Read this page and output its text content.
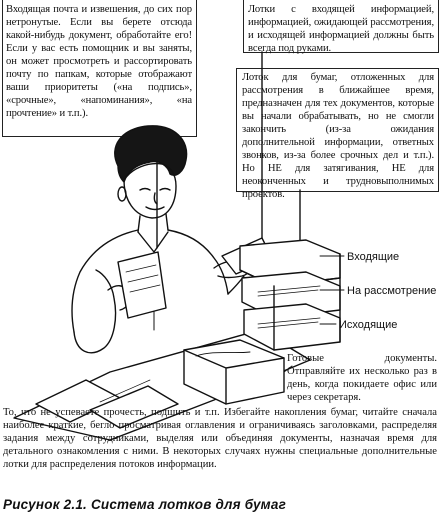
Входящая почта и извешения, до сих пор нетронутые. Если вы берете отсюда какой-нибудь документ, обработайте его! Если у вас есть помощник и вы заняты, он может просмотреть и рассортировать почту по папкам, которые отображают ваши приоритеты («на подпись», «срочные», «напоминания», «на прочтение» и т.п.).
Лотки с входящей информацией, информацией, ожидающей рассмотрения, и исходящей информацией должны быть всегда под руками.
Лоток для бумаг, отложенных для рассмотрения в ближайшее время, предназначен для тех документов, которые вы начали обрабатывать, но не смогли закончить (из-за ожидания дополнительной информации, ответных звонков, из-за более срочных дел и т.п.). Но НЕ для затягивания, НЕ для неоконченных и трудновыполнимых проектов.
Входящие
На рассмотрение
Исходящие
Готовые документы. Отправляйте их несколько раз в день, когда покидаете офис или через секретаря.
То, что не успеваете прочесть, подшить и т.п. Избегайте накопления бумаг, читайте сначала наиболее краткие, бегло просматривая оглавления и ограничиваясь заголовками, распределяя задания между сотрудниками, выделяя или объединяя документы, назначая время для детального ознакомления с ними. В некоторых случаях нужны специальные дополнительные лотки для распределения потоков информации.
Рисунок 2.1. Система лотков для бумаг
